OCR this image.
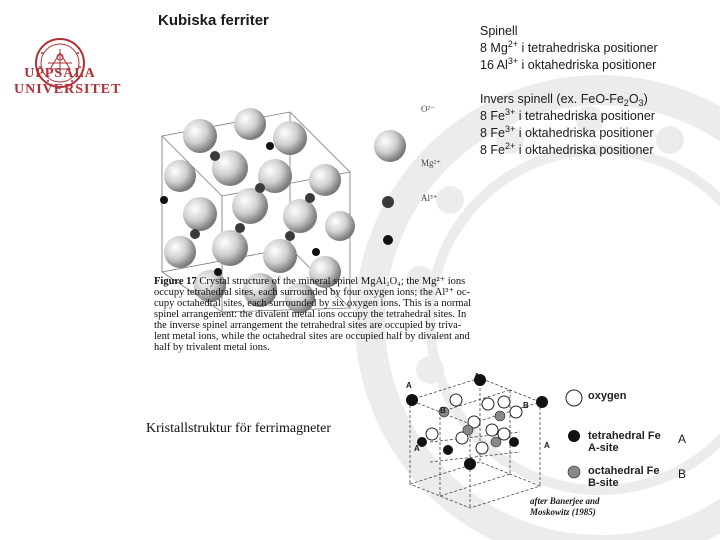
UPPSALA
UNIVERSITET
Kubiska ferriter
Spinell
8 $Mg^{2+}$ i tetrahedriska positioner
16 $Al^{3+}$ i oktahedriska positioner
Invers spinell (ex. FeO-$Fe_2O_3$)
8 $Fe^{3+}$ i tetrahedriska positioner
8 $Fe^{3+}$ i oktahedriska positioner
8 $Fe^{2+}$ i oktahedriska positioner
O²⁻
Mg²⁺
Al³⁺
Figure 17 Crystal structure of the mineral spinel MgAl₂O₄; the Mg²⁺ ions
occupy tetrahedral sites, each surrounded by four oxygen ions; the Al³⁺ oc-
cupy octahedral sites, each surrounded by six oxygen ions. This is a normal
spinel arrangement: the divalent metal ions occupy the tetrahedral sites. In
the inverse spinel arrangement the tetrahedral sites are occupied by triva-
lent metal ions, while the octahedral sites are occupied half by divalent and
half by trivalent metal ions.
Kristallstruktur för ferrimagneter
A
A
B
B
A	A
oxygen
tetrahedral Fe
A-site
A
octahedral Fe
B-site
B
after Banerjee and
Moskowitz (1985)
